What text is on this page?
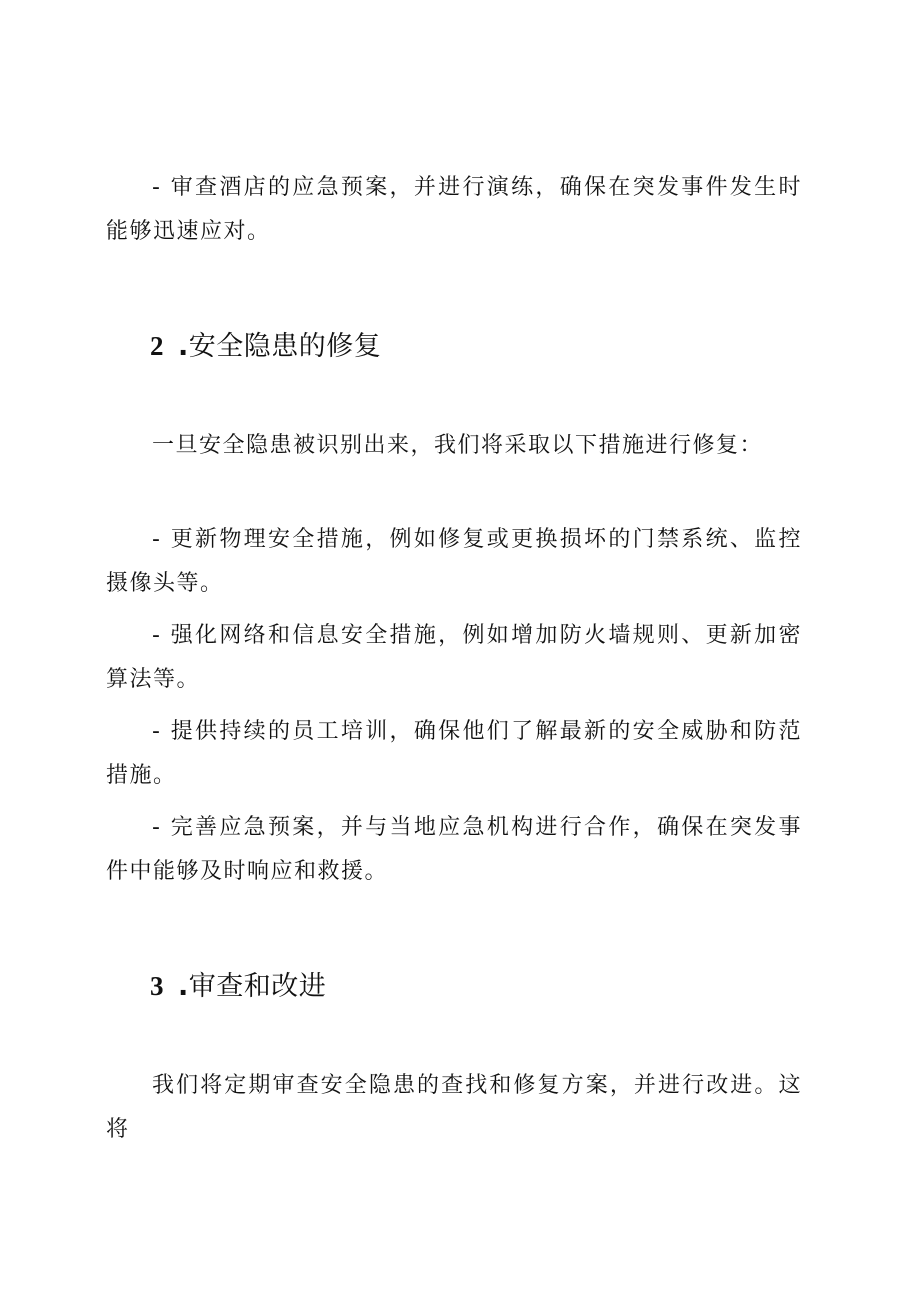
- 审查酒店的应急预案，并进行演练，确保在突发事件发生时能够迅速应对。

2 .安全隐患的修复

一旦安全隐患被识别出来，我们将采取以下措施进行修复：

- 更新物理安全措施，例如修复或更换损坏的门禁系统、监控摄像头等。

- 强化网络和信息安全措施，例如增加防火墙规则、更新加密算法等。

- 提供持续的员工培训，确保他们了解最新的安全威胁和防范措施。

- 完善应急预案，并与当地应急机构进行合作，确保在突发事件中能够及时响应和救援。

3 .审查和改进

我们将定期审查安全隐患的查找和修复方案，并进行改进。这将
